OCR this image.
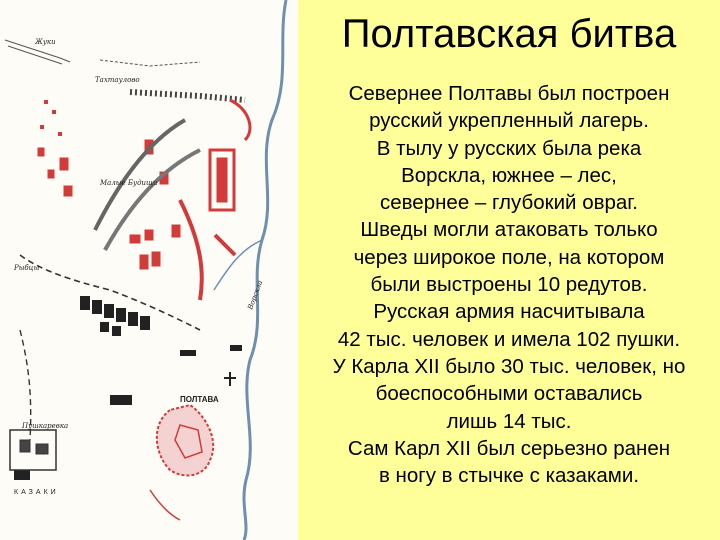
Жуки
Тахтаулово
Малые Будищи
Рыбцы
Пушкаревка
Ворскла
ПОЛТАВА
КАЗАКИ
Полтавская битва
Севернее Полтавы был построен
русский укрепленный лагерь.
В тылу у русских была река
Ворскла, южнее – лес,
севернее – глубокий овраг.
Шведы могли атаковать только
через широкое поле, на котором
были выстроены 10 редутов.
Русская армия насчитывала
42 тыс. человек и имела 102 пушки.
У Карла XII было 30 тыс. человек, но
боеспособными оставались
лишь 14 тыс.
Сам Карл XII был серьезно ранен
в ногу в стычке с казаками.
